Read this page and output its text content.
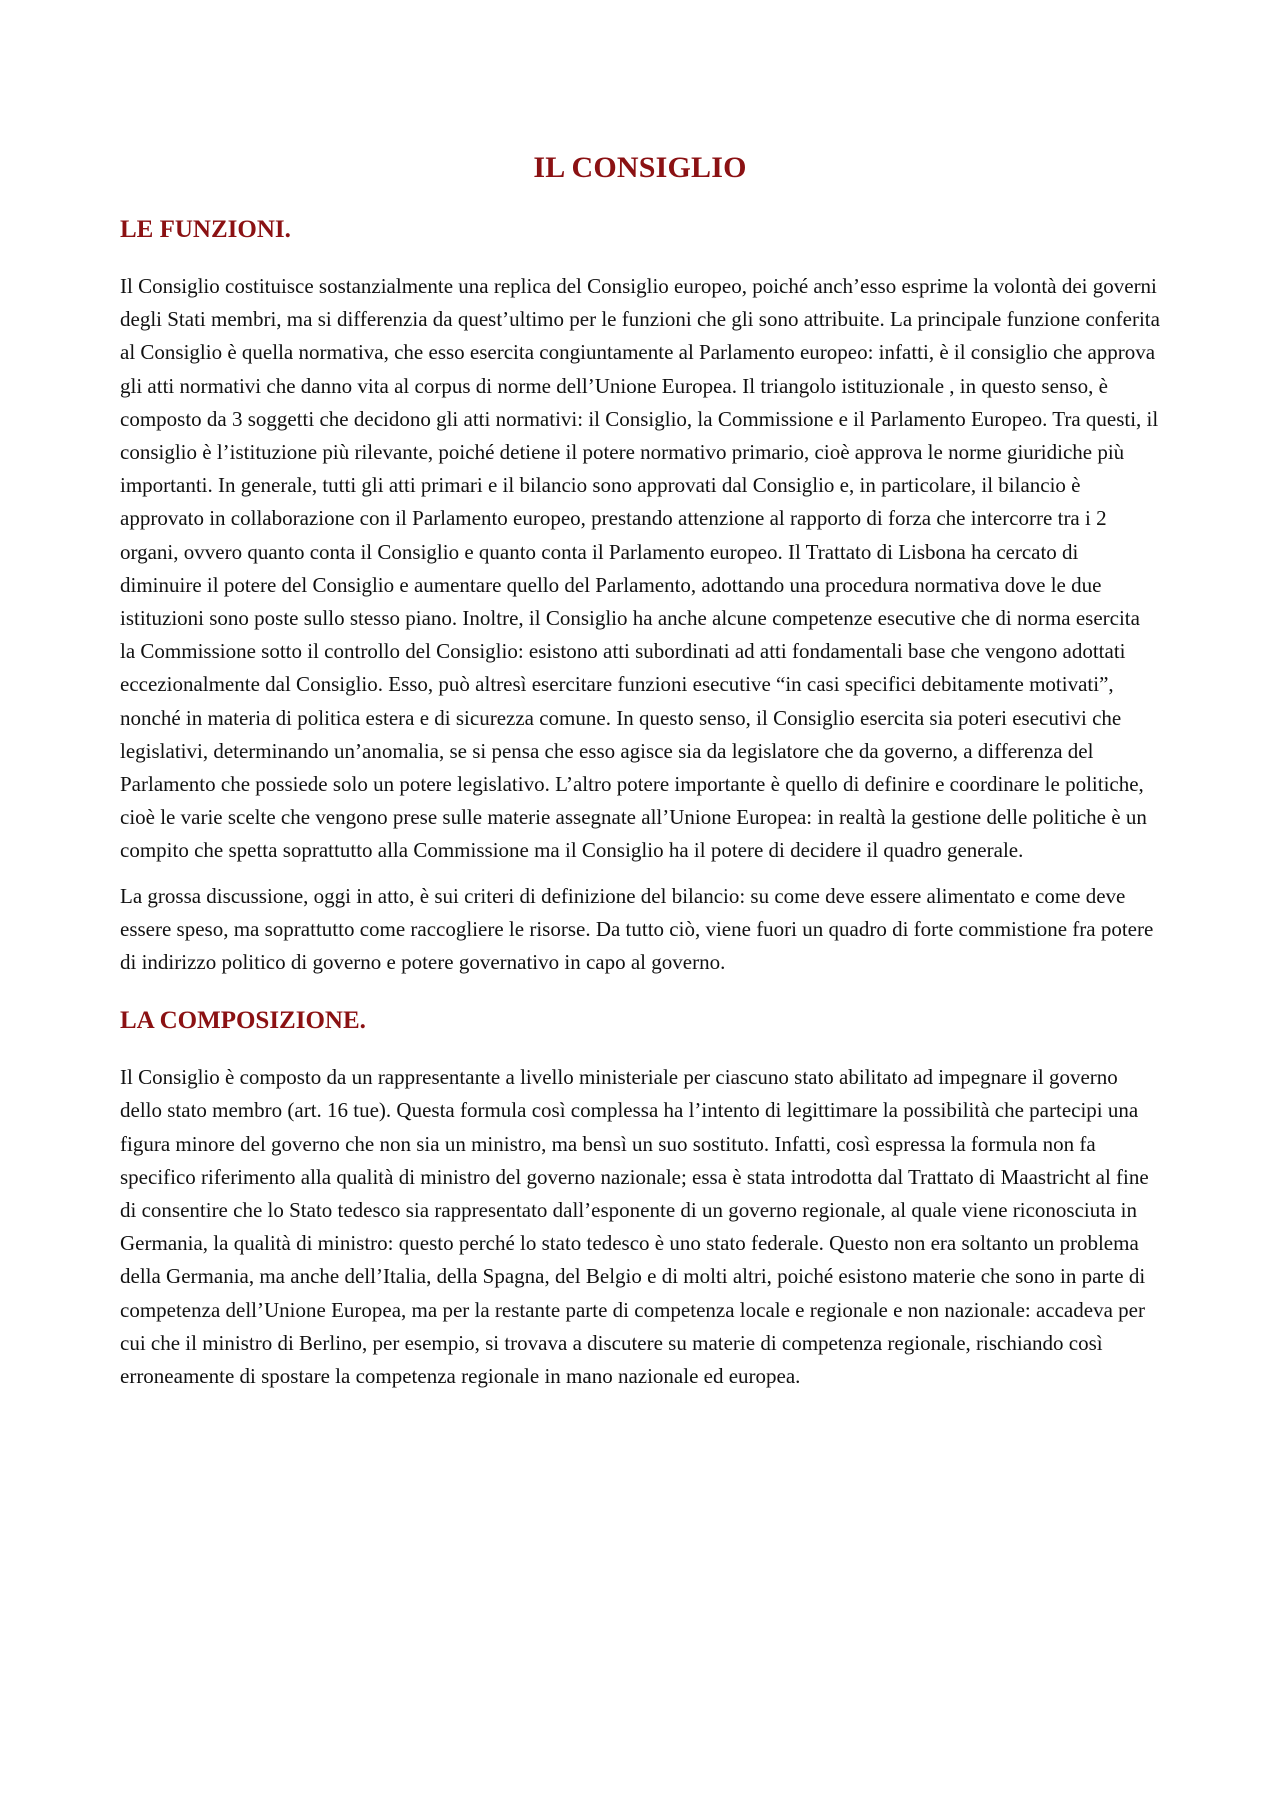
IL CONSIGLIO
LE FUNZIONI.

Il Consiglio costituisce sostanzialmente una replica del Consiglio europeo, poiché anch’esso esprime la volontà dei governi degli Stati membri, ma si differenzia da quest’ultimo per le funzioni che gli sono attribuite. La principale funzione conferita al Consiglio è quella normativa, che esso esercita congiuntamente al Parlamento europeo: infatti, è il consiglio che approva gli atti normativi che danno vita al corpus di norme dell’Unione Europea. Il triangolo istituzionale , in questo senso, è composto da 3 soggetti che decidono gli atti normativi: il Consiglio, la Commissione e il Parlamento Europeo. Tra questi, il consiglio è l’istituzione più rilevante, poiché detiene il potere normativo primario, cioè approva le norme giuridiche più importanti. In generale, tutti gli atti primari e il bilancio sono approvati dal Consiglio e, in particolare, il bilancio è approvato in collaborazione con il Parlamento europeo, prestando attenzione al rapporto di forza che intercorre tra i 2 organi, ovvero quanto conta il Consiglio e quanto conta il Parlamento europeo. Il Trattato di Lisbona ha cercato di diminuire il potere del Consiglio e aumentare quello del Parlamento, adottando una procedura normativa dove le due istituzioni sono poste sullo stesso piano. Inoltre, il Consiglio ha anche alcune competenze esecutive che di norma esercita la Commissione sotto il controllo del Consiglio: esistono atti subordinati ad atti fondamentali base che vengono adottati eccezionalmente dal Consiglio. Esso, può altresì esercitare funzioni esecutive “in casi specifici debitamente motivati”, nonché in materia di politica estera e di sicurezza comune. In questo senso, il Consiglio esercita sia poteri esecutivi che legislativi, determinando un’anomalia, se si pensa che esso agisce sia da legislatore che da governo, a differenza del Parlamento che possiede solo un potere legislativo. L’altro potere importante è quello di definire e coordinare le politiche, cioè le varie scelte che vengono prese sulle materie assegnate all’Unione Europea: in realtà la gestione delle politiche è un compito che spetta soprattutto alla Commissione ma il Consiglio ha il potere di decidere il quadro generale.

La grossa discussione, oggi in atto, è sui criteri di definizione del bilancio: su come deve essere alimentato e come deve essere speso, ma soprattutto come raccogliere le risorse. Da tutto ciò, viene fuori un quadro di forte commistione fra potere di indirizzo politico di governo e potere governativo in capo al governo.

LA COMPOSIZIONE.

Il Consiglio è composto da un rappresentante a livello ministeriale per ciascuno stato abilitato ad impegnare il governo dello stato membro (art. 16 tue). Questa formula così complessa ha l’intento di legittimare la possibilità che partecipi una figura minore del governo che non sia un ministro, ma bensì un suo sostituto. Infatti, così espressa la formula non fa specifico riferimento alla qualità di ministro del governo nazionale; essa è stata introdotta dal Trattato di Maastricht al fine di consentire che lo Stato tedesco sia rappresentato dall’esponente di un governo regionale, al quale viene riconosciuta in Germania, la qualità di ministro: questo perché lo stato tedesco è uno stato federale. Questo non era soltanto un problema della Germania, ma anche dell’Italia, della Spagna, del Belgio e di molti altri, poiché esistono materie che sono in parte di competenza dell’Unione Europea, ma per la restante parte di competenza locale e regionale e non nazionale: accadeva per cui che il ministro di Berlino, per esempio, si trovava a discutere su materie di competenza regionale, rischiando così erroneamente di spostare la competenza regionale in mano nazionale ed europea.
